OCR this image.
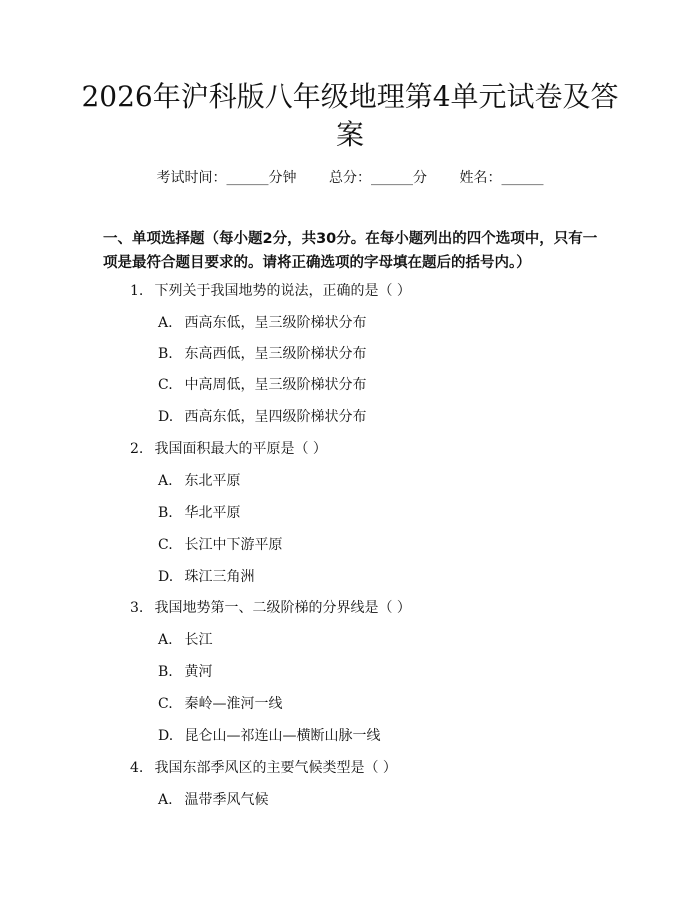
2026年沪科版八年级地理第4单元试卷及答案
考试时间：______分钟 总分：______分 姓名：______

一、单项选择题（每小题2分，共30分。在每小题列出的四个选项中，只有一项是最符合题目要求的。请将正确选项的字母填在题后的括号内。）

1. 下列关于我国地势的说法，正确的是（ ）
A. 西高东低，呈三级阶梯状分布
B. 东高西低，呈三级阶梯状分布
C. 中高周低，呈三级阶梯状分布
D. 西高东低，呈四级阶梯状分布
2. 我国面积最大的平原是（ ）
A. 东北平原
B. 华北平原
C. 长江中下游平原
D. 珠江三角洲
3. 我国地势第一、二级阶梯的分界线是（ ）
A. 长江
B. 黄河
C. 秦岭—淮河一线
D. 昆仑山—祁连山—横断山脉一线
4. 我国东部季风区的主要气候类型是（ ）
A. 温带季风气候
